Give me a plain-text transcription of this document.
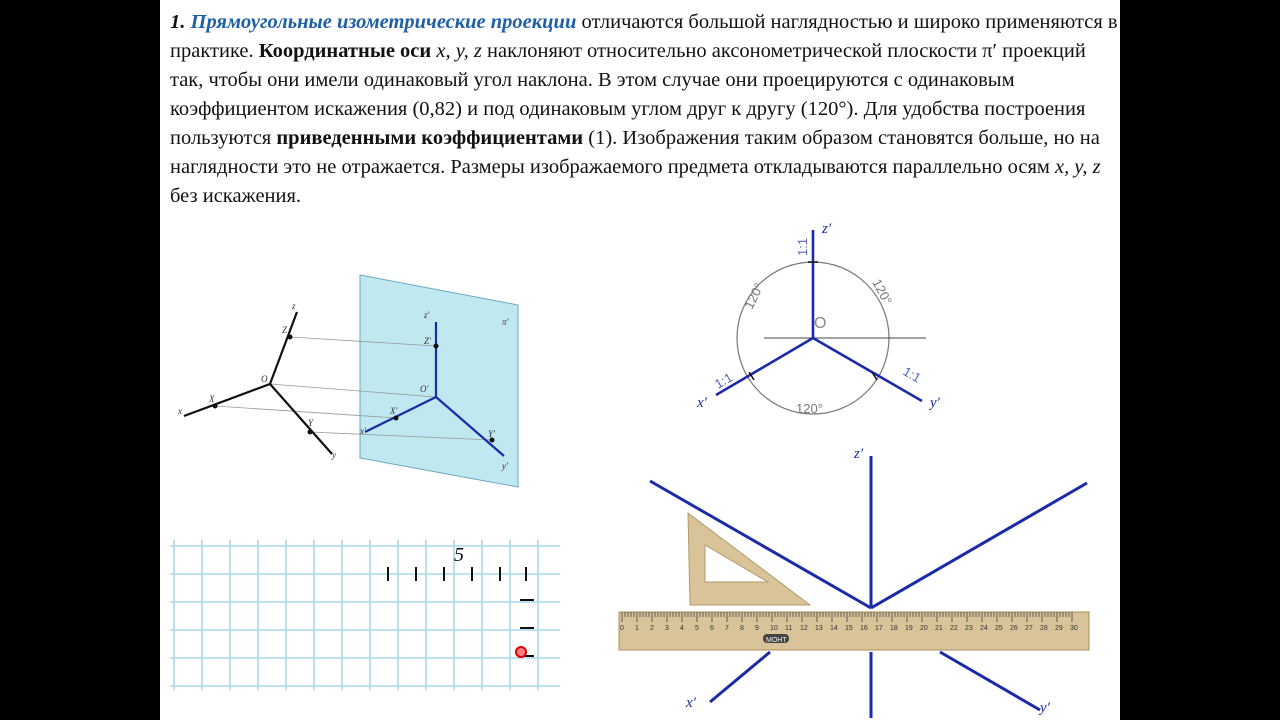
1. Прямоугольные изометрические проекции отличаются большой наглядностью и широко применяются в практике. Координатные оси x, y, z наклоняют относительно аксонометрической плоскости π′ проекций так, чтобы они имели одинаковый угол наклона. В этом случае они проецируются с одинаковым коэффициентом искажения (0,82) и под одинаковым углом друг к другу (120°). Для удобства построения пользуются приведенными коэффициентами (1). Изображения таким образом становятся больше, но на наглядности это не отражается. Размеры изображаемого предмета откладываются параллельно осям x, y, z без искажения.

z
Z
O
X
x
Y
y
z′
Z′
O′
X′
x′	Y′
y′
π′	O
120°	120°
120°
1:1
1:1	1:1
z′
x′	y′
5
0 1 2 3 4 5 6 7 8 9 10 11 12 13 14 15 16 17 18 19 20 21 22 23 24 25 26 27 28 29 30
МОНТ
z′
x′	y′
